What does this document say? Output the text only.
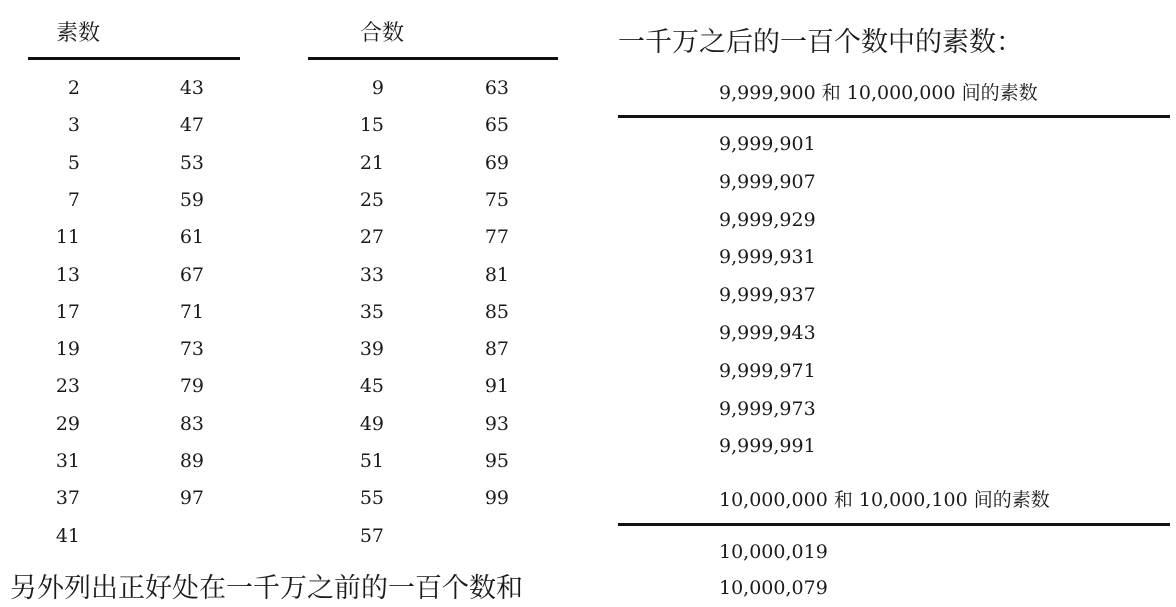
素数
2
3
5
7
11
13
17
19
23
29
31
37
41
43
47
53
59
61
67
71
73
79
83
89
97
合数
9
15
21
25
27
33
35
39
45
49
51
55
57
63
65
69
75
77
81
85
87
91
93
95
99
另外列出正好处在一千万之前的一百个数和
一千万之后的一百个数中的素数：
9,999,900 和 10,000,000 间的素数
9,999,901
9,999,907
9,999,929
9,999,931
9,999,937
9,999,943
9,999,971
9,999,973
9,999,991
10,000,000 和 10,000,100 间的素数
10,000,019
10,000,079
